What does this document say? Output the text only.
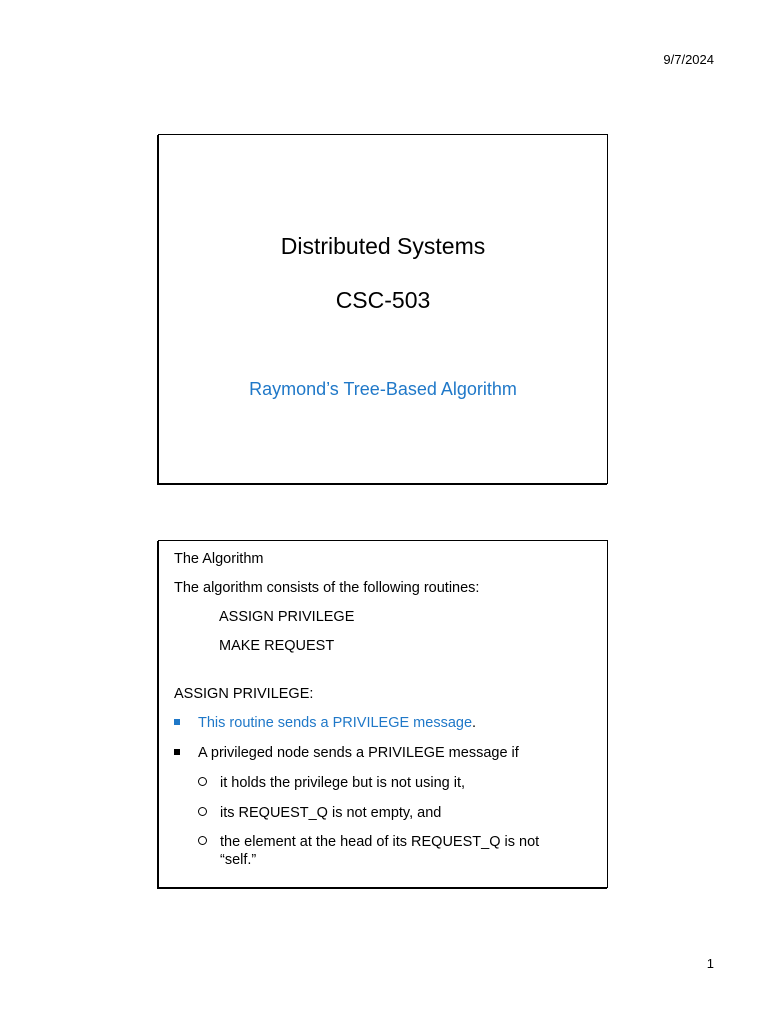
9/7/2024
Distributed Systems
CSC-503
Raymond’s Tree-Based Algorithm
The Algorithm
The algorithm consists of the following routines:
ASSIGN PRIVILEGE
MAKE REQUEST
ASSIGN PRIVILEGE:
This routine sends a PRIVILEGE message.
A privileged node sends a PRIVILEGE message if
it holds the privilege but is not using it,
its REQUEST_Q is not empty, and
the element at the head of its REQUEST_Q is not
“self.”
1
